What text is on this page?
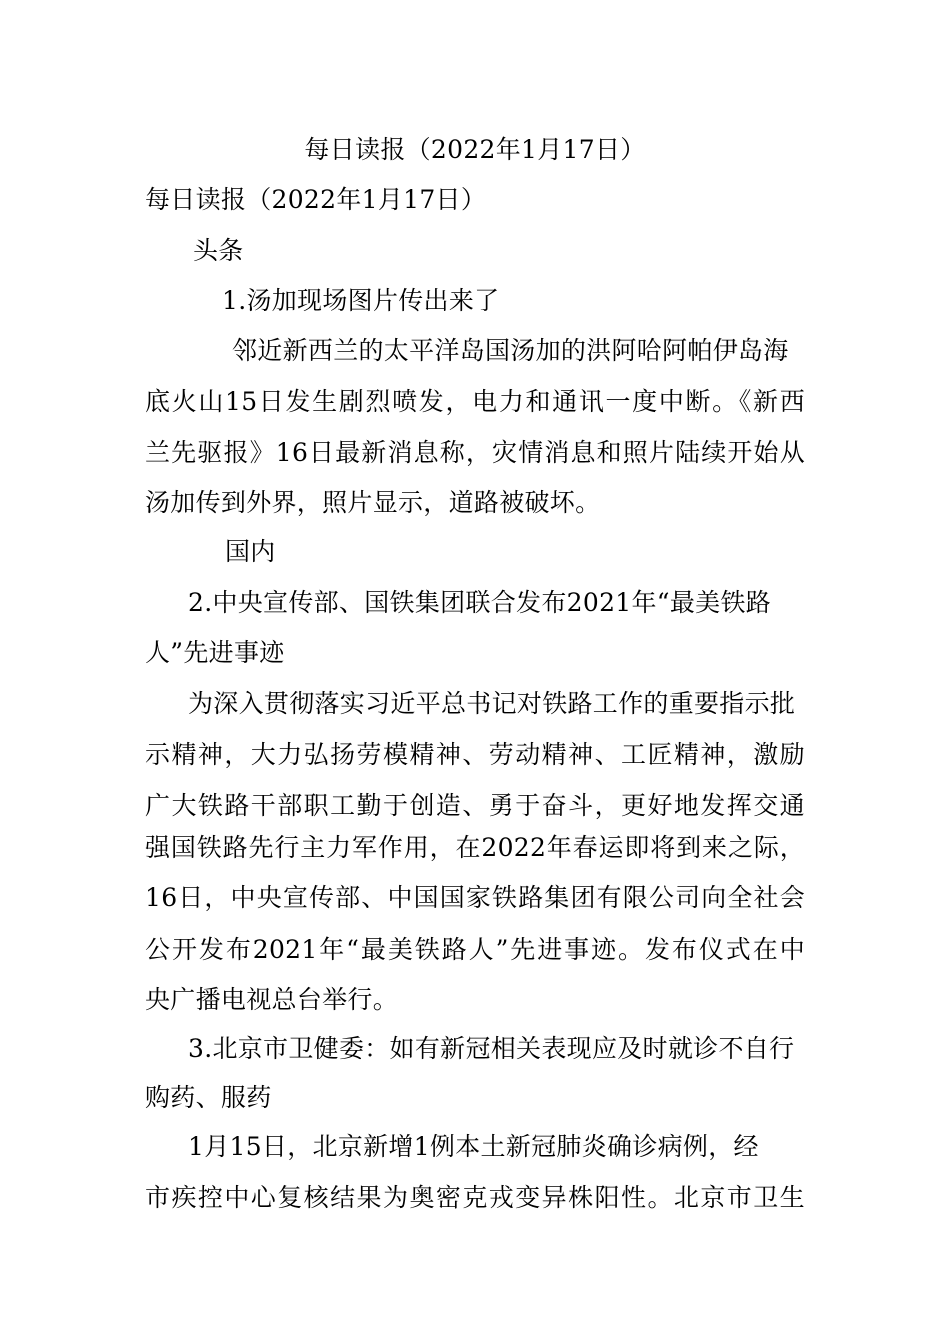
每日读报（2022年1月17日）
每日读报（2022年1月17日）
头条
1.汤加现场图片传出来了
邻近新西兰的太平洋岛国汤加的洪阿哈阿帕伊岛海
底火山15日发生剧烈喷发，电力和通讯一度中断。《新西
兰先驱报》16日最新消息称，灾情消息和照片陆续开始从
汤加传到外界，照片显示，道路被破坏。
国内
2.中央宣传部、国铁集团联合发布2021年“最美铁路
人”先进事迹
为深入贯彻落实习近平总书记对铁路工作的重要指示批
示精神，大力弘扬劳模精神、劳动精神、工匠精神，激励
广大铁路干部职工勤于创造、勇于奋斗，更好地发挥交通
强国铁路先行主力军作用，在2022年春运即将到来之际，
16日，中央宣传部、中国国家铁路集团有限公司向全社会
公开发布2021年“最美铁路人”先进事迹。发布仪式在中
央广播电视总台举行。
3.北京市卫健委：如有新冠相关表现应及时就诊不自行
购药、服药
1月15日，北京新增1例本土新冠肺炎确诊病例，经
市疾控中心复核结果为奥密克戎变异株阳性。北京市卫生
